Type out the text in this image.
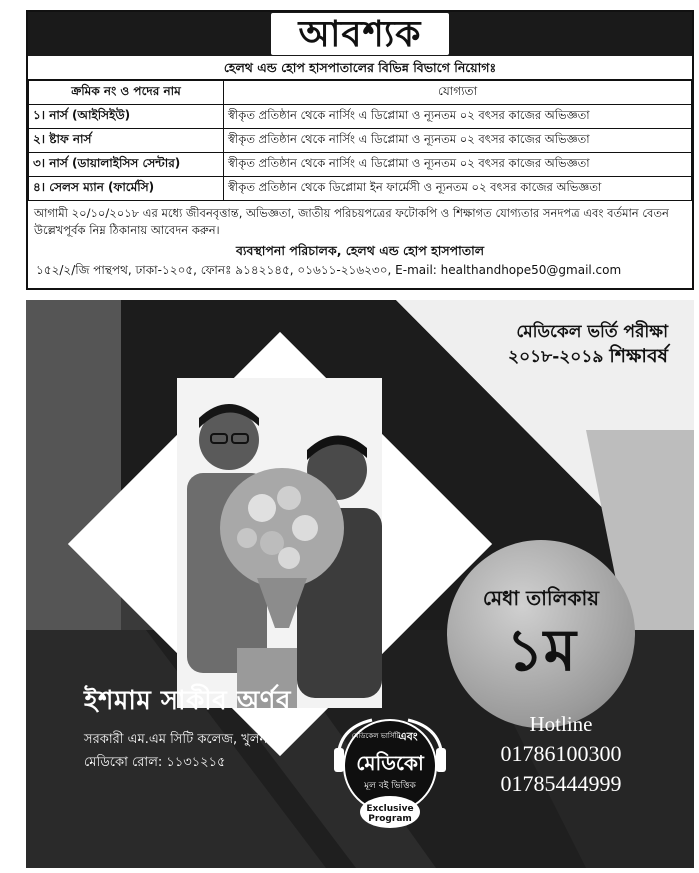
আবশ্যক
হেলথ এন্ড হোপ হাসপাতালের বিভিন্ন বিভাগে নিয়োগঃ
ক্রমিক নং ও পদের নাম	যোগ্যতা
১। নার্স (আইসিইউ)	স্বীকৃত প্রতিষ্ঠান থেকে নার্সিং এ ডিপ্লোমা ও ন্যূনতম ০২ বৎসর কাজের অভিজ্ঞতা
২। ষ্টাফ নার্স	স্বীকৃত প্রতিষ্ঠান থেকে নার্সিং এ ডিপ্লোমা ও ন্যূনতম ০২ বৎসর কাজের অভিজ্ঞতা
৩। নার্স (ডায়ালাইসিস সেন্টার)	স্বীকৃত প্রতিষ্ঠান থেকে নার্সিং এ ডিপ্লোমা ও ন্যূনতম ০২ বৎসর কাজের অভিজ্ঞতা
৪। সেলস ম্যান (ফার্মেসি)	স্বীকৃত প্রতিষ্ঠান থেকে ডিপ্লোমা ইন ফার্মেসী ও ন্যূনতম ০২ বৎসর কাজের অভিজ্ঞতা

আগামী ২০/১০/২০১৮ এর মধ্যে জীবনবৃত্তান্ত, অভিজ্ঞতা, জাতীয় পরিচয়পত্রের ফটোকপি ও শিক্ষাগত যোগ্যতার সনদপত্র এবং বর্তমান বেতন উল্লেখপূর্বক নিম্ন ঠিকানায় আবেদন করুন।

ব্যবস্থাপনা পরিচালক, হেলথ এন্ড হোপ হাসপাতাল

১৫২/২/জি পান্থপথ, ঢাকা-১২০৫, ফোনঃ ৯১৪২১৪৫, ০১৬১১-২১৬২৩০, E-mail: healthandhope50@gmail.com

মেডিকেল ভর্তি পরীক্ষা
২০১৮-২০১৯ শিক্ষাবর্ষ
মেধা তালিকায়
১ম
ইশমাম সাকীব অর্ণব
সরকারী এম.এম সিটি কলেজ, খুলনা
মেডিকো রোল: ১১৩১২১৫
মেডিকেল ভার্সিটি
এবং
মেডিকো
মূল বই ভিত্তিক
Exclusive
Program
Hotline
01786100300
01785444999
